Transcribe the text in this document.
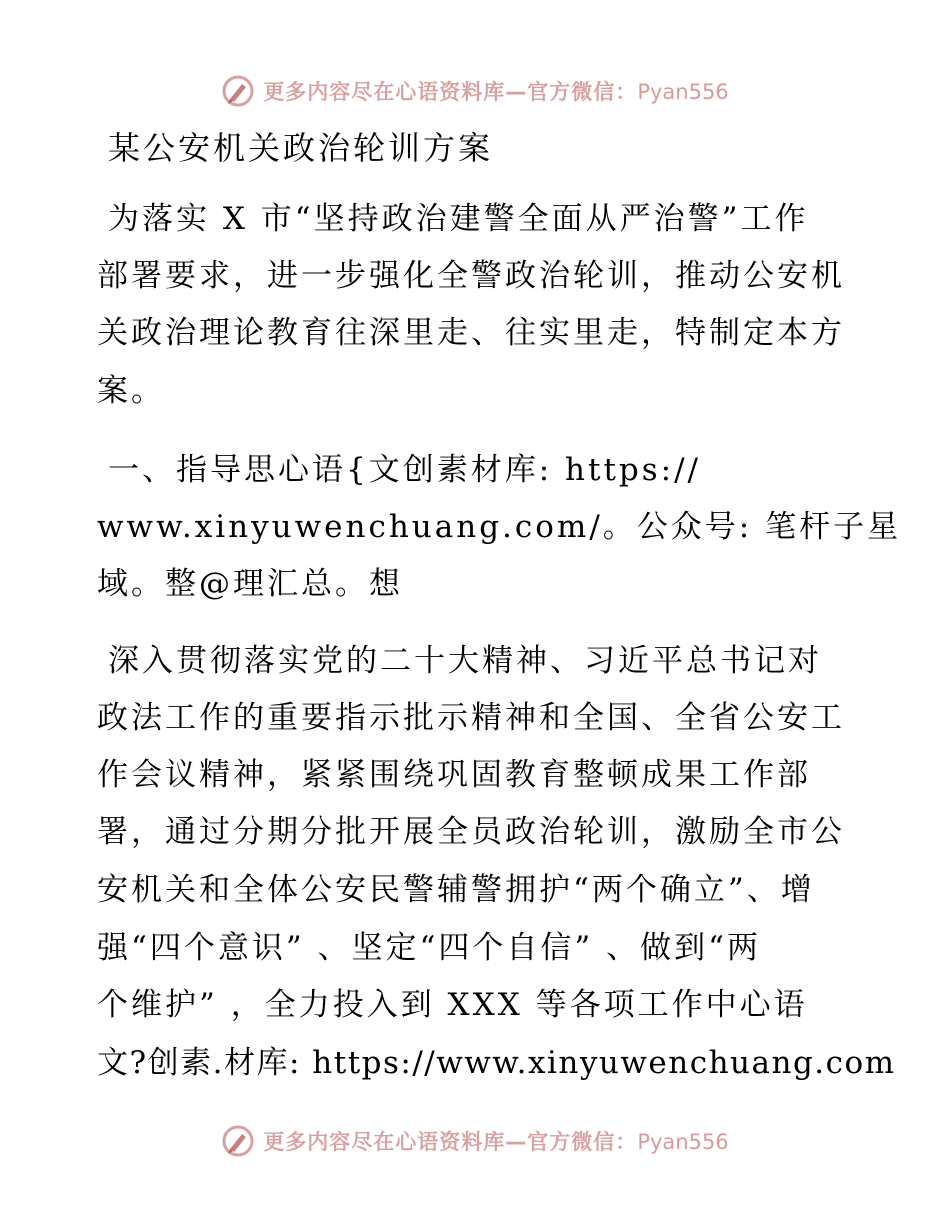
更多内容尽在心语资料库—官方微信：Pyan556
某公安机关政治轮训方案
为落实 X 市“坚持政治建警全面从严治警”工作
部署要求，进一步强化全警政治轮训，推动公安机
关政治理论教育往深里走、往实里走，特制定本方
案。
一、指导思心语{文创素材库: https://
www.xinyuwenchuang.com/。公众号: 笔杆子星
域。整@理汇总。想
深入贯彻落实党的二十大精神、习近平总书记对
政法工作的重要指示批示精神和全国、全省公安工
作会议精神，紧紧围绕巩固教育整顿成果工作部
署，通过分期分批开展全员政治轮训，激励全市公
安机关和全体公安民警辅警拥护“两个确立”、增
强“四个意识” 、坚定“四个自信” 、做到“两
个维护” ，全力投入到 XXX 等各项工作中心语
文?创素.材库: https://www.xinyuwenchuang.com
更多内容尽在心语资料库—官方微信：Pyan556
